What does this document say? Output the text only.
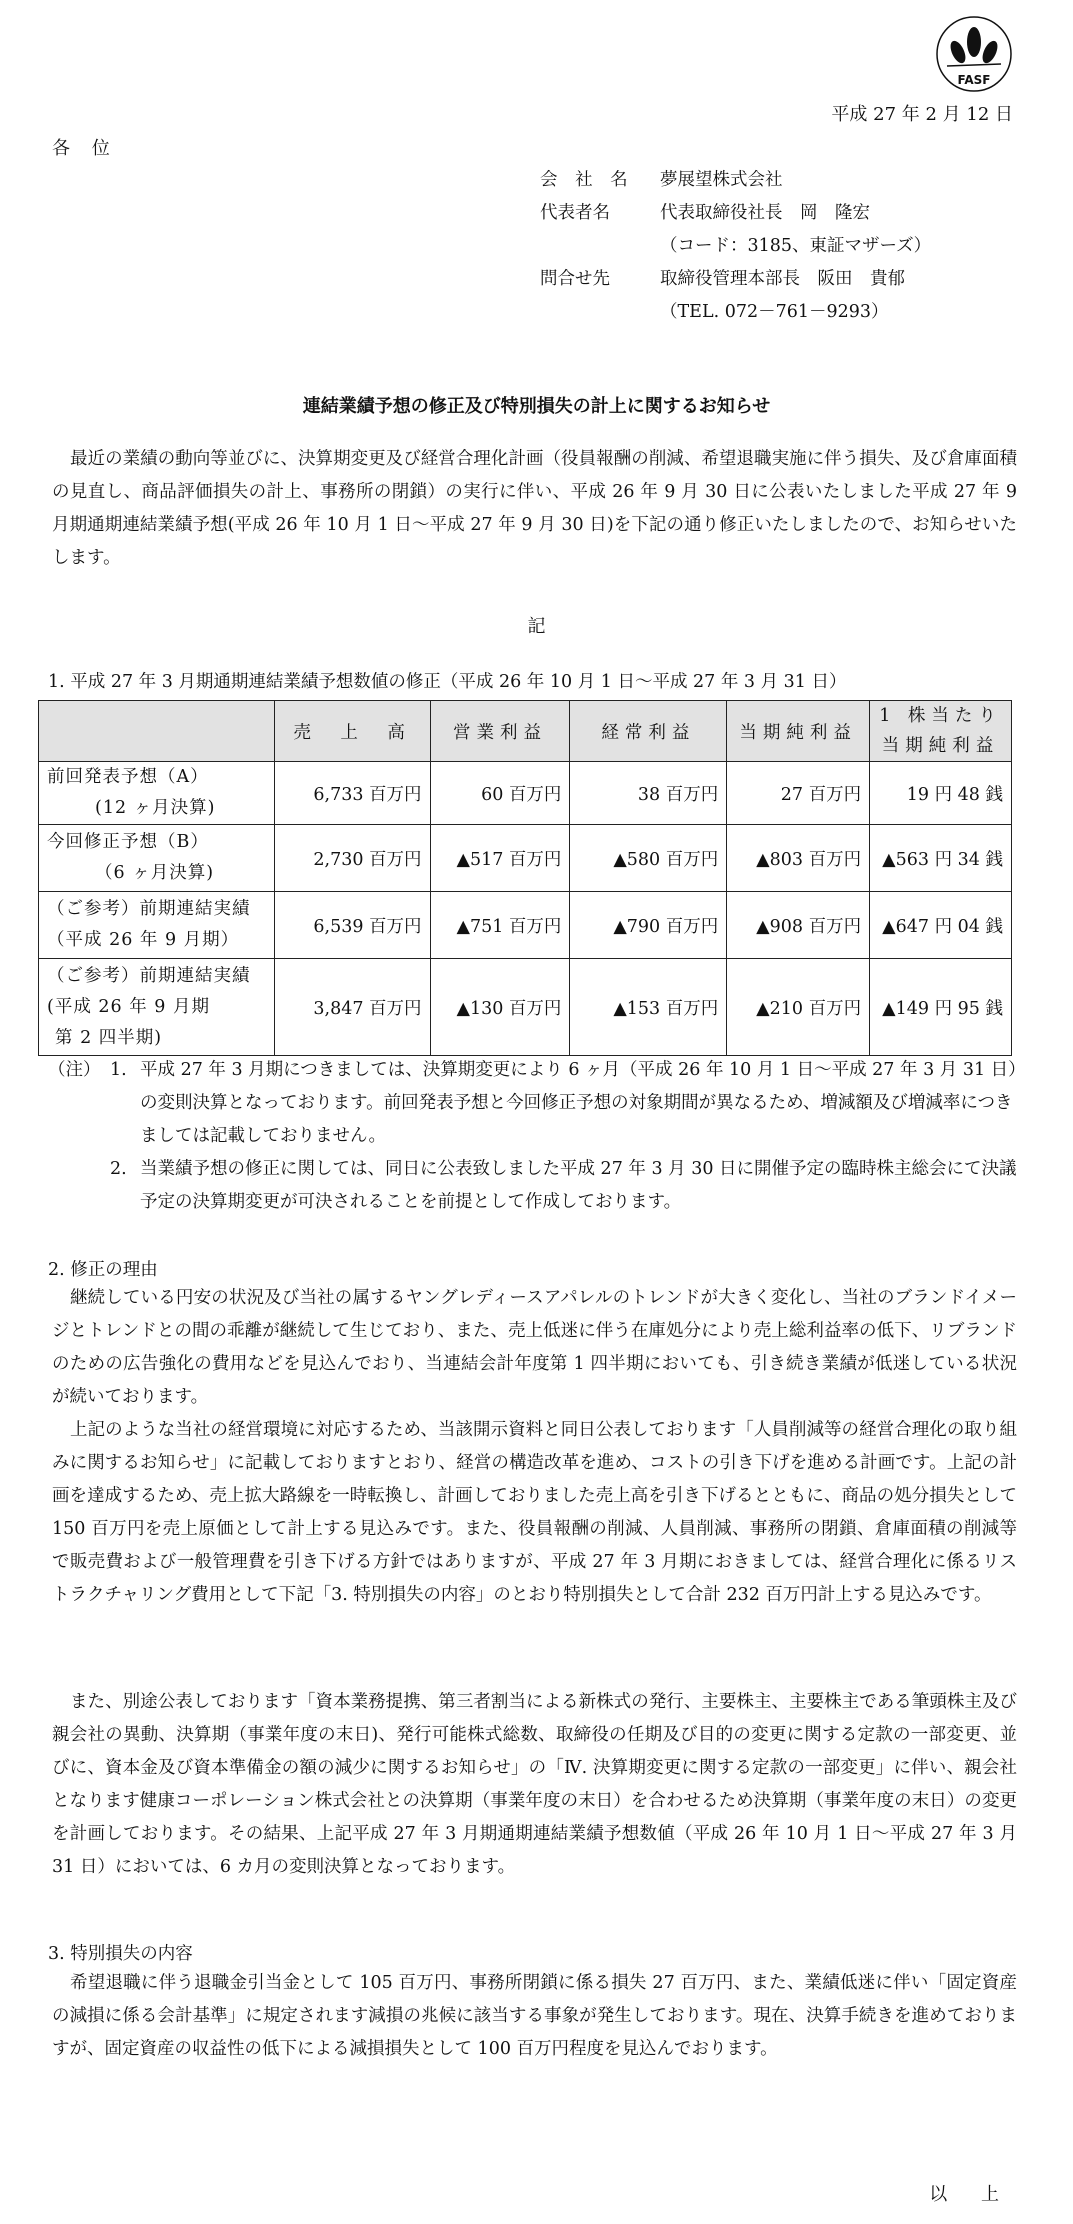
FASF
平成 27 年 2 月 12 日
各 位
会 社 名	夢展望株式会社
代表者名	代表取締役社長　岡　隆宏
（コード：3185、東証マザーズ）
問合せ先	取締役管理本部長　阪田　貴郁
（TEL. 072－761－9293）
連結業績予想の修正及び特別損失の計上に関するお知らせ
最近の業績の動向等並びに、決算期変更及び経営合理化計画（役員報酬の削減、希望退職実施に伴う損失、及び倉庫面積の見直し、商品評価損失の計上、事務所の閉鎖）の実行に伴い、平成 26 年 9 月 30 日に公表いたしました平成 27 年 9 月期通期連結業績予想(平成 26 年 10 月 1 日～平成 27 年 9 月 30 日)を下記の通り修正いたしましたので、お知らせいたします。
記
1. 平成 27 年 3 月期通期連結業績予想数値の修正（平成 26 年 10 月 1 日～平成 27 年 3 月 31 日）
	売　上　高	営業利益	経常利益	当期純利益	1 株当たり
当期純利益

前回発表予想（A）
(12 ヶ月決算)	6,733 百万円	60 百万円	38 百万円	27 百万円	19 円 48 銭
今回修正予想（B）
（6 ヶ月決算)	2,730 百万円	▲517 百万円	▲580 百万円	▲803 百万円	▲563 円 34 銭
（ご参考）前期連結実績
（平成 26 年 9 月期）	6,539 百万円	▲751 百万円	▲790 百万円	▲908 百万円	▲647 円 04 銭
（ご参考）前期連結実績
(平成 26 年 9 月期
第 2 四半期)	3,847 百万円	▲130 百万円	▲153 百万円	▲210 百万円	▲149 円 95 銭
（注） 1. 平成 27 年 3 月期につきましては、決算期変更により 6 ヶ月（平成 26 年 10 月 1 日～平成 27 年 3 月 31 日）の変則決算となっております。前回発表予想と今回修正予想の対象期間が異なるため、増減額及び増減率につきましては記載しておりません。
2. 当業績予想の修正に関しては、同日に公表致しました平成 27 年 3 月 30 日に開催予定の臨時株主総会にて決議予定の決算期変更が可決されることを前提として作成しております。
2. 修正の理由
継続している円安の状況及び当社の属するヤングレディースアパレルのトレンドが大きく変化し、当社のブランドイメージとトレンドとの間の乖離が継続して生じており、また、売上低迷に伴う在庫処分により売上総利益率の低下、リブランドのための広告強化の費用などを見込んでおり、当連結会計年度第 1 四半期においても、引き続き業績が低迷している状況が続いております。
上記のような当社の経営環境に対応するため、当該開示資料と同日公表しております「人員削減等の経営合理化の取り組みに関するお知らせ」に記載しておりますとおり、経営の構造改革を進め、コストの引き下げを進める計画です。上記の計画を達成するため、売上拡大路線を一時転換し、計画しておりました売上高を引き下げるとともに、商品の処分損失として 150 百万円を売上原価として計上する見込みです。また、役員報酬の削減、人員削減、事務所の閉鎖、倉庫面積の削減等で販売費および一般管理費を引き下げる方針ではありますが、平成 27 年 3 月期におきましては、経営合理化に係るリストラクチャリング費用として下記「3. 特別損失の内容」のとおり特別損失として合計 232 百万円計上する見込みです。
また、別途公表しております「資本業務提携、第三者割当による新株式の発行、主要株主、主要株主である筆頭株主及び親会社の異動、決算期（事業年度の末日)、発行可能株式総数、取締役の任期及び目的の変更に関する定款の一部変更、並びに、資本金及び資本準備金の額の減少に関するお知らせ」の「Ⅳ. 決算期変更に関する定款の一部変更」に伴い、親会社となります健康コーポレーション株式会社との決算期（事業年度の末日）を合わせるため決算期（事業年度の末日）の変更を計画しております。その結果、上記平成 27 年 3 月期通期連結業績予想数値（平成 26 年 10 月 1 日～平成 27 年 3 月 31 日）においては、6 カ月の変則決算となっております。
3. 特別損失の内容
希望退職に伴う退職金引当金として 105 百万円、事務所閉鎖に係る損失 27 百万円、また、業績低迷に伴い「固定資産の減損に係る会計基準」に規定されます減損の兆候に該当する事象が発生しております。現在、決算手続きを進めておりますが、固定資産の収益性の低下による減損損失として 100 百万円程度を見込んでおります。
以 上
